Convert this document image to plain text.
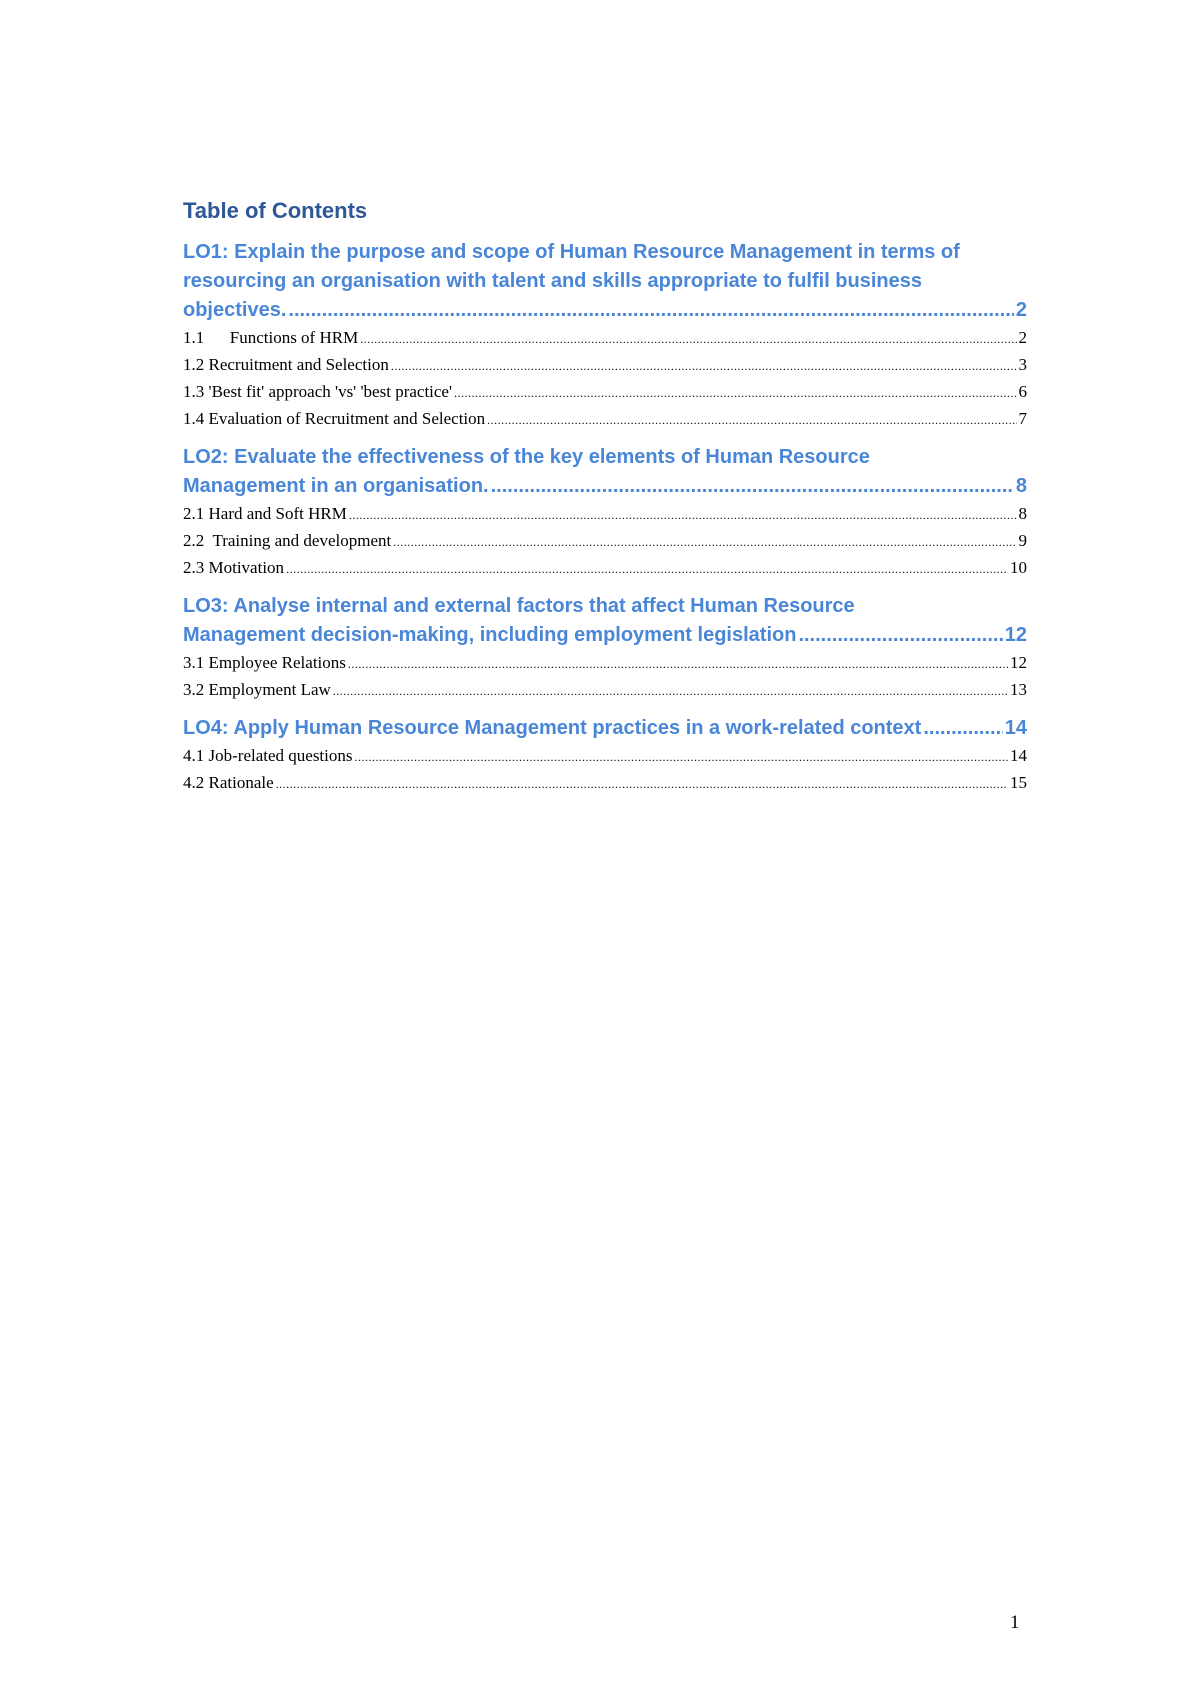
Table of Contents
LO1: Explain the purpose and scope of Human Resource Management in terms of
resourcing an organisation with talent and skills appropriate to fulfil business
objectives. .....	2
1.1      Functions of HRM .....	2
1.2 Recruitment and Selection .....	3
1.3 'Best fit' approach 'vs' 'best practice' .....	6
1.4 Evaluation of Recruitment and Selection .....	7
LO2: Evaluate the effectiveness of the key elements of Human Resource
Management in an organisation. .....	8
2.1 Hard and Soft HRM .....	8
2.2  Training and development .....	9
2.3 Motivation .....	10
LO3: Analyse internal and external factors that affect Human Resource
Management decision-making, including employment legislation .....	12
3.1 Employee Relations .....	12
3.2 Employment Law .....	13
LO4: Apply Human Resource Management practices in a work-related context .....	14
4.1 Job-related questions .....	14
4.2 Rationale .....	15
1
